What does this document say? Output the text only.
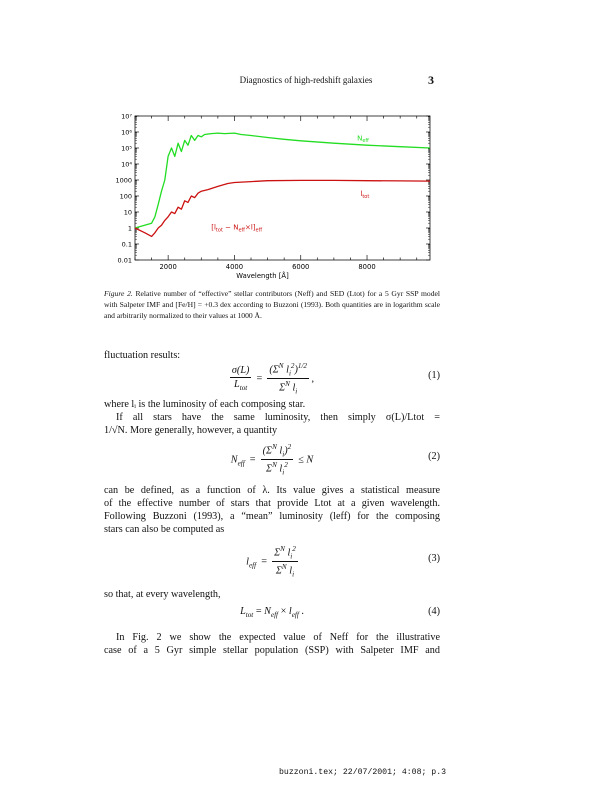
Diagnostics of high-redshift galaxies	3
0.01
0.1
1
10
100
1000
10⁴
10⁵
10⁶
10⁷
2000	4000	6000	8000
Wavelength [Å]
$N_{eff}$
$l_{tot}$
$[l_{tot} - N_{eff}\times l]_{eff}$
Figure 2. Relative number of “effective” stellar contributors (Neff) and SED (Ltot) for a 5 Gyr SSP model with Salpeter IMF and [Fe/H] = +0.3 dex according to Buzzoni (1993). Both quantities are in logarithm scale and arbitrarily normalized to their values at 1000 Å.
fluctuation results:
$\frac{\sigma(L)}{L_{tot}} = \frac{(\Sigma^N l_i^2)^{1/2}}{\Sigma^N l_i}$ ,	(1)
where lᵢ is the luminosity of each composing star.
If all stars have the same luminosity, then simply σ(L)/Ltot =
1/√N. More generally, however, a quantity
$N_{eff} = \frac{(\Sigma^N l_i)^2}{\Sigma^N l_i^2} \le N$	(2)
can be defined, as a function of λ. Its value gives a statistical measure
of the effective number of stars that provide Ltot at a given wavelength.
Following Buzzoni (1993), a “mean” luminosity (leff) for the composing
stars can also be computed as
$l_{eff} = \frac{\Sigma^N l_i^2}{\Sigma^N l_i}$	(3)
so that, at every wavelength,
$L_{tot} = N_{eff} \times l_{eff}$ .	(4)
In Fig. 2 we show the expected value of Neff for the illustrative
case of a 5 Gyr simple stellar population (SSP) with Salpeter IMF and
buzzoni.tex; 22/07/2001; 4:08; p.3
